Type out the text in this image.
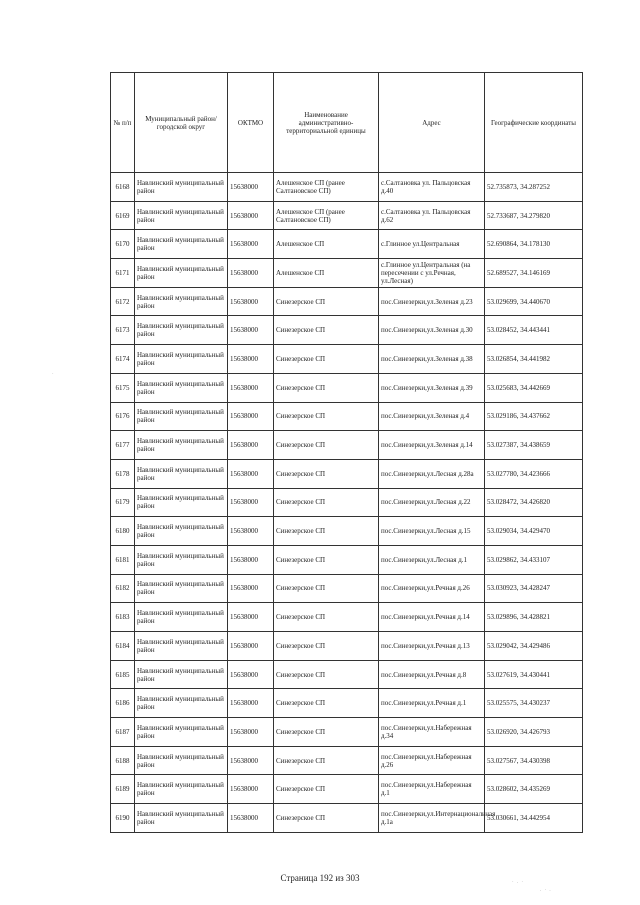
№ п/п	Муниципальный район/городской округ	ОКТМО	Наименование административно-территориальной единицы	Адрес	Географические координаты
6168	Навлинский муниципальный район	15638000	Алешенское СП (ранее Салтановское СП)	с.Салтановка ул. Пальцовская д.40	52.735873, 34.287252
6169	Навлинский муниципальный район	15638000	Алешенское СП (ранее Салтановское СП)	с.Салтановка ул. Пальцовская д.62	52.733687, 34.279820
6170	Навлинский муниципальный район	15638000	Алешенское СП	с.Глинное ул.Центральная	52.690864, 34.178130
6171	Навлинский муниципальный район	15638000	Алешенское СП	с.Глинное ул.Центральная (на пересечении с ул.Речная, ул.Лесная)	52.689527, 34.146169
6172	Навлинский муниципальный район	15638000	Синезерское СП	пос.Синезерки,ул.Зеленая д.23	53.029699, 34.440670
6173	Навлинский муниципальный район	15638000	Синезерское СП	пос.Синезерки,ул.Зеленая д.30	53.028452, 34.443441
6174	Навлинский муниципальный район	15638000	Синезерское СП	пос.Синезерки,ул.Зеленая д.38	53.026854, 34.441982
6175	Навлинский муниципальный район	15638000	Синезерское СП	пос.Синезерки,ул.Зеленая д.39	53.025683, 34.442669
6176	Навлинский муниципальный район	15638000	Синезерское СП	пос.Синезерки,ул.Зеленая д.4	53.029186, 34.437662
6177	Навлинский муниципальный район	15638000	Синезерское СП	пос.Синезерки,ул.Зеленая д.14	53.027387, 34.438659
6178	Навлинский муниципальный район	15638000	Синезерское СП	пос.Синезерки,ул.Лесная д.28а	53.027780, 34.423666
6179	Навлинский муниципальный район	15638000	Синезерское СП	пос.Синезерки,ул.Лесная д.22	53.028472, 34.426820
6180	Навлинский муниципальный район	15638000	Синезерское СП	пос.Синезерки,ул.Лесная д.15	53.029034, 34.429470
6181	Навлинский муниципальный район	15638000	Синезерское СП	пос.Синезерки,ул.Лесная д.1	53.029862, 34.433107
6182	Навлинский муниципальный район	15638000	Синезерское СП	пос.Синезерки,ул.Речная д.26	53.030923, 34.428247
6183	Навлинский муниципальный район	15638000	Синезерское СП	пос.Синезерки,ул.Речная д.14	53.029896, 34.428821
6184	Навлинский муниципальный район	15638000	Синезерское СП	пос.Синезерки,ул.Речная д.13	53.029042, 34.429486
6185	Навлинский муниципальный район	15638000	Синезерское СП	пос.Синезерки,ул.Речная д.8	53.027619, 34.430441
6186	Навлинский муниципальный район	15638000	Синезерское СП	пос.Синезерки,ул.Речная д.1	53.025575, 34.430237
6187	Навлинский муниципальный район	15638000	Синезерское СП	пос.Синезерки,ул.Набережная д.34	53.026920, 34.426793
6188	Навлинский муниципальный район	15638000	Синезерское СП	пос.Синезерки,ул.Набережная д.26	53.027567, 34.430398
6189	Навлинский муниципальный район	15638000	Синезерское СП	пос.Синезерки,ул.Набережная д.1	53.028602, 34.435269
6190	Навлинский муниципальный район	15638000	Синезерское СП	пос.Синезерки,ул.Интернациональная д.1а	53.030661, 34.442954
·
· . ·
. · .
Страница 192 из 303
